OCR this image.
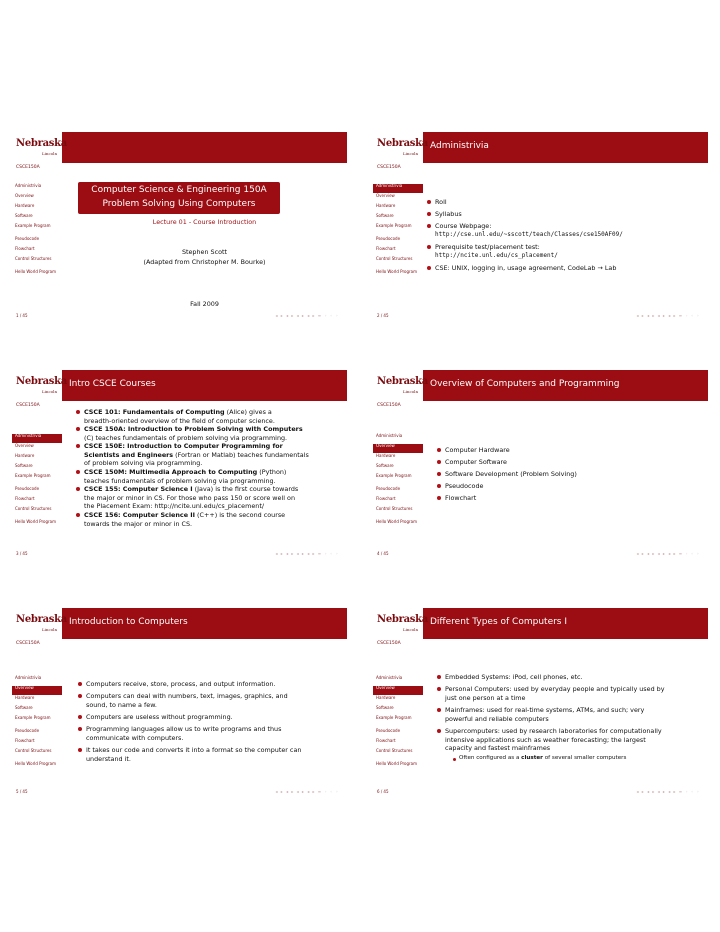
Nebraska
Lincoln
CSCE150A
Administrivia
Overview
Hardware
Software
Example Program
Pseudocode
Flowchart
Control Structures
Hello World Program
Computer Science & Engineering 150A
Problem Solving Using Computers
Lecture 01 - Course Introduction
Stephen Scott
(Adapted from Christopher M. Bourke)
Fall 2009
1 / 45	◂ ▸ ◂ ▸ ◂ ▸ ◂ ▸ ≡ ◦ ◦ ◦
Nebraska
Lincoln
Administrivia
CSCE150A
Administrivia
Overview
Hardware
Software
Example Program
Pseudocode
Flowchart
Control Structures
Hello World Program
Roll
Syllabus
Course Webpage:
http://cse.unl.edu/~sscott/teach/Classes/cse150AF09/
Prerequisite test/placement test:
http://ncite.unl.edu/cs_placement/
CSE: UNIX, logging in, usage agreement, CodeLab → Lab
2 / 45	◂ ▸ ◂ ▸ ◂ ▸ ◂ ▸ ≡ ◦ ◦ ◦
Nebraska
Lincoln
Intro CSCE Courses
CSCE150A
Administrivia
Overview
Hardware
Software
Example Program
Pseudocode
Flowchart
Control Structures
Hello World Program
CSCE 101: Fundamentals of Computing (Alice) gives a
breadth-oriented overview of the field of computer science.
CSCE 150A: Introduction to Problem Solving with Computers
(C) teaches fundamentals of problem solving via programming.
CSCE 150E: Introduction to Computer Programming for
Scientists and Engineers (Fortran or Matlab) teaches fundamentals
of problem solving via programming.
CSCE 150M: Multimedia Approach to Computing (Python)
teaches fundamentals of problem solving via programming.
CSCE 155: Computer Science I (Java) is the first course towards
the major or minor in CS. For those who pass 150 or score well on
the Placement Exam: http://ncite.unl.edu/cs_placement/
CSCE 156: Computer Science II (C++) is the second course
towards the major or minor in CS.
3 / 45	◂ ▸ ◂ ▸ ◂ ▸ ◂ ▸ ≡ ◦ ◦ ◦
Nebraska
Lincoln
Overview of Computers and Programming
CSCE150A
Administrivia
Overview
Hardware
Software
Example Program
Pseudocode
Flowchart
Control Structures
Hello World Program
Computer Hardware
Computer Software
Software Development (Problem Solving)
Pseudocode
Flowchart
4 / 45	◂ ▸ ◂ ▸ ◂ ▸ ◂ ▸ ≡ ◦ ◦ ◦
Nebraska
Lincoln
Introduction to Computers
CSCE150A
Administrivia
Overview
Hardware
Software
Example Program
Pseudocode
Flowchart
Control Structures
Hello World Program
Computers receive, store, process, and output information.
Computers can deal with numbers, text, images, graphics, and
sound, to name a few.
Computers are useless without programming.
Programming languages allow us to write programs and thus
communicate with computers.
It takes our code and converts it into a format so the computer can
understand it.
5 / 45	◂ ▸ ◂ ▸ ◂ ▸ ◂ ▸ ≡ ◦ ◦ ◦
Nebraska
Lincoln
Different Types of Computers I
CSCE150A
Administrivia
Overview
Hardware
Software
Example Program
Pseudocode
Flowchart
Control Structures
Hello World Program
Embedded Systems: iPod, cell phones, etc.
Personal Computers: used by everyday people and typically used by
just one person at a time
Mainframes: used for real-time systems, ATMs, and such; very
powerful and reliable computers
Supercomputers: used by research laboratories for computationally
intensive applications such as weather forecasting; the largest
capacity and fastest mainframes
Often configured as a cluster of several smaller computers
6 / 45	◂ ▸ ◂ ▸ ◂ ▸ ◂ ▸ ≡ ◦ ◦ ◦
